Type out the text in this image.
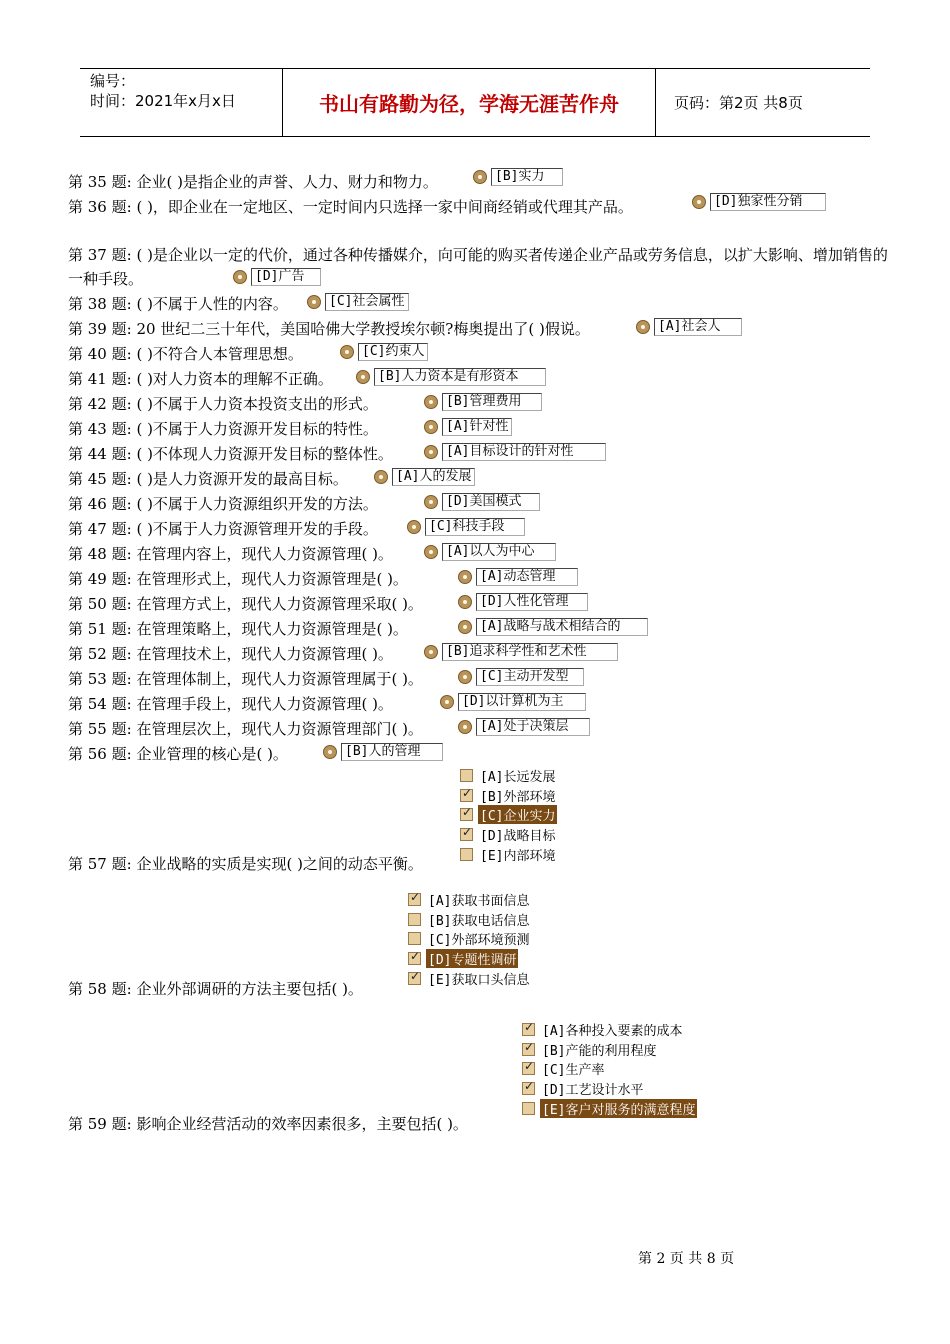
编号：
时间：2021年x月x日	书山有路勤为径，学海无涯苦作舟	页码：第2页 共8页
第 35 题: 企业( )是指企业的声誉、人力、财力和物力。	[B]实力
第 36 题: ( )，即企业在一定地区、一定时间内只选择一家中间商经销或代理其产品。	[D]独家性分销
第 37 题: ( )是企业以一定的代价，通过各种传播媒介，向可能的购买者传递企业产品或劳务信息，以扩大影响、增加销售的一种手段。	[D]广告
第 38 题: ( )不属于人性的内容。	[C]社会属性
第 39 题: 20 世纪二三十年代，美国哈佛大学教授埃尔顿?梅奥提出了( )假说。	[A]社会人
第 40 题: ( )不符合人本管理思想。	[C]约束人
第 41 题: ( )对人力资本的理解不正确。	[B]人力资本是有形资本
第 42 题: ( )不属于人力资本投资支出的形式。	[B]管理费用
第 43 题: ( )不属于人力资源开发目标的特性。	[A]针对性
第 44 题: ( )不体现人力资源开发目标的整体性。	[A]目标设计的针对性
第 45 题: ( )是人力资源开发的最高目标。	[A]人的发展
第 46 题: ( )不属于人力资源组织开发的方法。	[D]美国模式
第 47 题: ( )不属于人力资源管理开发的手段。	[C]科技手段
第 48 题: 在管理内容上，现代人力资源管理( )。	[A]以人为中心
第 49 题: 在管理形式上，现代人力资源管理是( )。	[A]动态管理
第 50 题: 在管理方式上，现代人力资源管理采取( )。	[D]人性化管理
第 51 题: 在管理策略上，现代人力资源管理是( )。	[A]战略与战术相结合的
第 52 题: 在管理技术上，现代人力资源管理( )。	[B]追求科学性和艺术性
第 53 题: 在管理体制上，现代人力资源管理属于( )。	[C]主动开发型
第 54 题: 在管理手段上，现代人力资源管理( )。	[D]以计算机为主
第 55 题: 在管理层次上，现代人力资源管理部门( )。	[A]处于决策层
第 56 题: 企业管理的核心是( )。	[B]人的管理
第 57 题: 企业战略的实质是实现( )之间的动态平衡。
[A]长远发展
✓
[B]外部环境
✓
[C]企业实力
✓
[D]战略目标
[E]内部环境
第 58 题: 企业外部调研的方法主要包括( )。
✓
[A]获取书面信息
[B]获取电话信息
[C]外部环境预测
✓
[D]专题性调研
✓
[E]获取口头信息
第 59 题: 影响企业经营活动的效率因素很多，主要包括( )。
✓
[A]各种投入要素的成本
✓
[B]产能的利用程度
✓
[C]生产率
✓
[D]工艺设计水平
[E]客户对服务的满意程度
第 2 页 共 8 页
